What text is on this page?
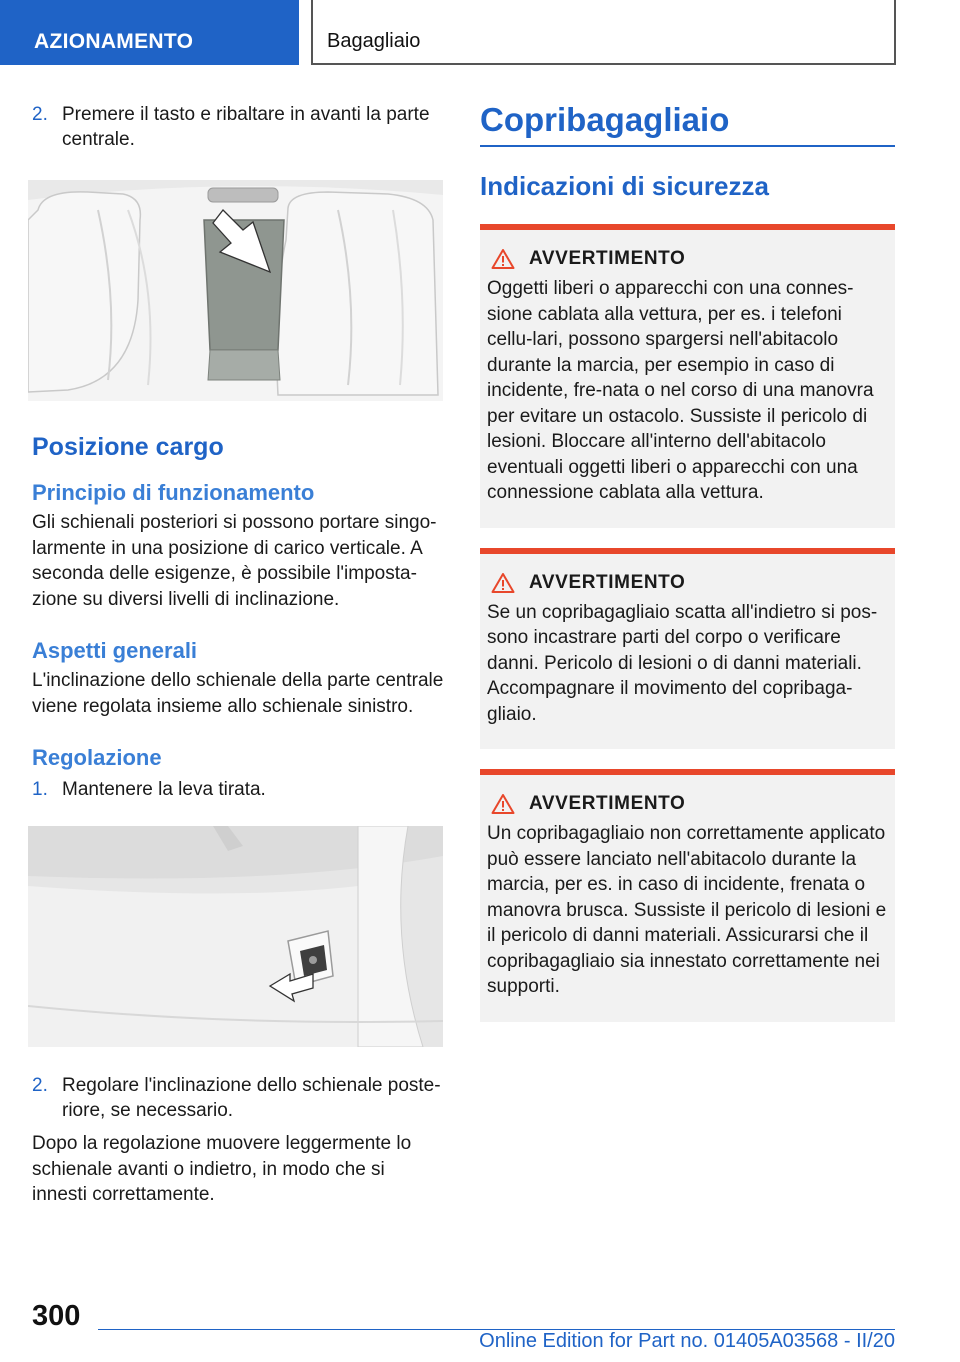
AZIONAMENTO	Bagagliaio
2. Premere il tasto e ribaltare in avanti la parte centrale.
Posizione cargo
Principio di funzionamento

Gli schienali posteriori si possono portare singo-larmente in una posizione di carico verticale. A seconda delle esigenze, è possibile l'imposta-zione su diversi livelli di inclinazione.

Aspetti generali

L'inclinazione dello schienale della parte centrale viene regolata insieme allo schienale sinistro.

Regolazione
1. Mantenere la leva tirata.
2. Regolare l'inclinazione dello schienale poste-riore, se necessario.

Dopo la regolazione muovere leggermente lo schienale avanti o indietro, in modo che si innesti correttamente.

Copribagagliaio
Indicazioni di sicurezza
AVVERTIMENTO

Oggetti liberi o apparecchi con una connes-sione cablata alla vettura, per es. i telefoni cellu-lari, possono spargersi nell'abitacolo durante la marcia, per esempio in caso di incidente, fre-nata o nel corso di una manovra per evitare un ostacolo. Sussiste il pericolo di lesioni. Bloccare all'interno dell'abitacolo eventuali oggetti liberi o apparecchi con una connessione cablata alla vettura.

AVVERTIMENTO

Se un copribagagliaio scatta all'indietro si pos-sono incastrare parti del corpo o verificare danni. Pericolo di lesioni o di danni materiali. Accompagnare il movimento del copribaga-gliaio.

AVVERTIMENTO

Un copribagagliaio non correttamente applicato può essere lanciato nell'abitacolo durante la marcia, per es. in caso di incidente, frenata o manovra brusca. Sussiste il pericolo di lesioni e il pericolo di danni materiali. Assicurarsi che il copribagagliaio sia innestato correttamente nei supporti.

300
Online Edition for Part no. 01405A03568 - II/20
